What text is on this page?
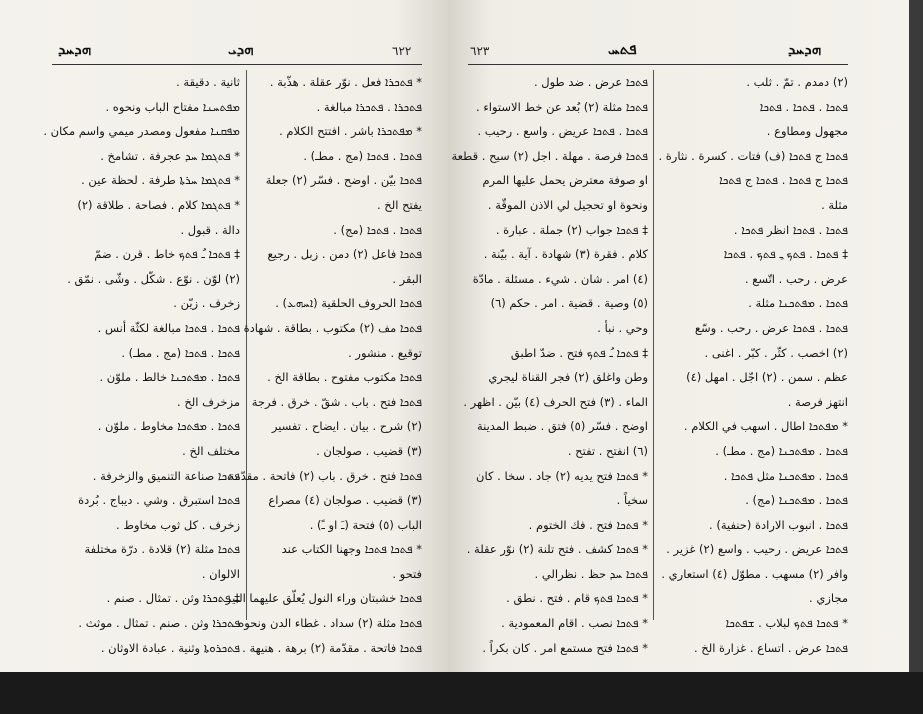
ܗܕܚܕ	ܗܕܝ	٦٢٢
ثانية . دقيقة .
ܡܦܬܚܢܐ مفتاح الباب ونحوه .
ܡܦܩܢܐ مفعول ومصدر ميمي واسم مكان .
* ܦܬܓܡܐ ܚܕ عجرفة . تشامخ .
* ܦܬܓܡܐ ܚܪܬܐ طرفة . لحظة عين .
* ܦܬܓܡܐ كلام . فصاحة . طلاقة (٢)
دالة . قبول .
‡ ܦܬܟܐ ـُ ܦܬܟ خاط . قرن . ضمّ
(٢) لوّن . نوّع . شكّل . وشّى . نمّق .
زخرف . زيّن .
ܦܬܟܐ . ܦܬܟܐ مبالغة لكثّة أنس .
ܦܬܟܐ . ܦܬܟܐ (مج . مطـ) .
ܦܬܟܐ . ܡܦܬܟܢܐ خالط . ملوّن .
مزخرف الخ .
ܦܬܟܐ . ܡܦܬܟܐ مخاوط . ملوّن .
مختلف الخ .
ܦܬܟܐ صناعة التنميق والزخرفة .
ܦܬܟܐ استبرق . وشي . ديباج . بُردة
زخرف . كل ثوب مخاوط .
ܦܬܟܐ مثلة (٢) قلادة . درّة مختلفة
الالوان .
‡ ܦܬܟܪܐ وثن . تمثال . صنم .
ܦܬܟܪܐ وثن . صنم . تمثال . موثث .
ܦܬܟܪܘܬܐ وثنية . عبادة الاوثان .
* ܦܬܟܪܐ فعل . نوّر عقلة . هذّبة .
ܦܬܟܪܐ . ܦܬܟܪܐ مبالغة .
* ܡܦܬܟܪܐ باشر . افتتح الكلام .
ܦܬܟܐ . ܦܬܟܐ (مج . مطـ) .
ܦܬܟܐ بيّن . اوضح . فسّر (٢) جعلة
يفتح الخ .
ܦܬܟܐ . ܦܬܟܐ (مج) .
ܦܬܟܐ فاعل (٢) دمن . زبل . رجيع
البقر .
ܦܬܟܐ الحروف الحلقية (ܐܚܗܥ) .
ܦܬܟܐ مف (٢) مكتوب . بطاقة . شهادة .
توقيع . منشور .
ܦܬܟܐ مكتوب مفتوح . بطاقة الخ .
ܦܬܟܐ فتح . باب . شقّ . خرق . فرجة
(٢) شرح . بيان . ايضاح . تفسير
(٣) قضيب . صولجان .
ܦܬܟܐ فتح . خرق . باب (٢) فاتحة . مقدّمة
(٣) قضيب . صولجان (٤) مصراع
الباب (٥) فتحة (ـَ او ـً) .
* ܦܬܟܐ ܦܬܟܐ وجهنا الكتاب عند
فتحو .
ܦܬܟܐ خشبتان وراء النول يُعلّق عليهما النير .
ܦܬܟܐ مثلة (٢) سداد . غطاء الدن ونحوه .
ܦܬܟܐ فاتحة . مقدّمة (٢) برهة . هنيهة .
٦٢٣	ܦܬܚ	ܗܕܚܕ
ܦܬܟܐ عرض . ضد طول .
ܦܬܟܐ مثلة (٢) بُعد عن خط الاستواء .
ܦܬܟܐ . ܦܬܟܐ عريض . واسع . رحيب .
ܦܬܟܐ فرصة . مهلة . اجل (٢) سيح . قطعة
او صوفة معترض يحمل عليها المرم
ونحوة او تحجيل لي الاذن الموقّة .
‡ ܦܬܟܐ جواب (٢) جملة . عبارة .
كلام . فقرة (٣) شهادة . آية . بيّنة .
(٤) امر . شان . شيء . مسئلة . مادّة
(٥) وصية . قضية . امر . حكم (٦)
وحي . نبأ .
‡ ܦܬܟܐ ـُ ܦܬܟ فتح . ضدّ اطبق
وطن واغلق (٢) فجر القناة ليجري
الماء . (٣) فتح الحرف (٤) بيّن . اظهر .
اوضح . فسّر (٥) فتق . ضبط المدينة
(٦) انفتح . تفتح .
* ܦܬܟܐ فتح يديه (٢) جاد . سخا . كان
سخياً .
* ܦܬܟܐ فتح . فك الختوم .
* ܦܬܟܐ كشف . فتح تلنة (٢) نوّر عقلة .
ܦܬܟܐ ܚܕ حظ . نظرالي .
* ܦܬܟܐ ܦܬܟ قام . فتح . نطق .
* ܦܬܟܐ نصب . اقام المعمودية .
* ܦܬܟܐ فتح مستمع امر . كان بكراً .
(٢) دمدم . تمّ . ثلب .
ܦܬܟܐ . ܦܬܟܐ . ܦܬܟܐ
مجهول ومطاوع .
ܦܬܟܐ ج ܦܬܟܐ (ف) فتات . كسرة . نثارة .
ܦܬܟܐ ج ܦܬܟܐ . ܦܬܟܐ ج ܦܬܟܐ
مثلة .
ܦܬܟܐ . ܦܬܟܐ انظر ܦܬܟܐ .
‡ ܦܬܟܐ . ܦܬܟ ـِ ܦܬܟ . ܦܬܟܐ
عرض . رحب . اتّسع .
ܦܬܟܐ . ܡܦܬܟܢܐ مثلة .
ܦܬܟܐ . ܦܬܟܐ عرض . رحب . وسّع
(٢) اخصب . كثّر . كبّر . اغنى .
عظم . سمن . (٢) اجّل . امهل (٤)
انتهز فرصة .
* ܡܦܬܟܐ اطال . اسهب في الكلام .
ܦܬܟܐ . ܡܦܬܟܢܐ (مج . مطـ) .
ܦܬܟܐ . ܡܦܬܟܢܐ مثل ܦܬܟܐ .
ܦܬܟܐ . ܡܦܬܟܢܐ (مج) .
ܦܬܟܐ . انبوب الارادة (حنفية) .
ܦܬܟܐ عريض . رحيب . واسع (٢) غزير .
وافر (٢) مسهب . مطوّل (٤) استعاري .
مجازي .
* ܦܬܟܐ ܦܬܟ لبلاب . ܫܦܬܟܐ
ܦܬܟܐ عرض . اتساع . غزارة الخ .
